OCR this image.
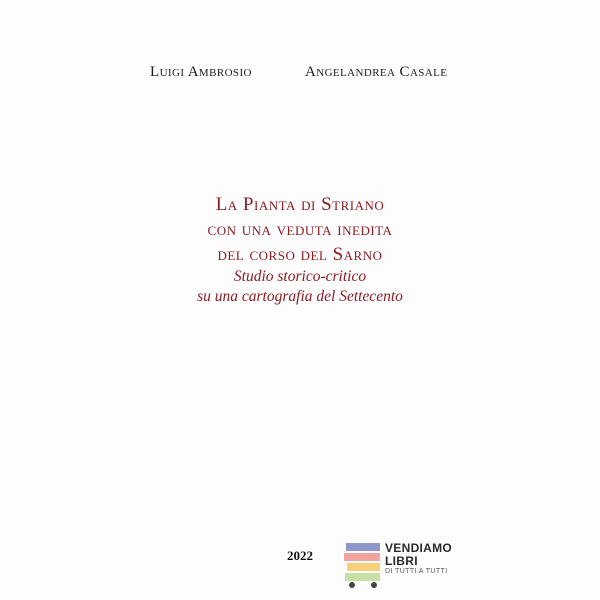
Luigi Ambrosio	Angelandrea Casale
La Pianta di Striano
con una veduta inedita
del corso del Sarno
Studio storico-critico
su una cartografia del Settecento
2022	VENDIAMO
LIBRI
DI TUTTI A TUTTI
